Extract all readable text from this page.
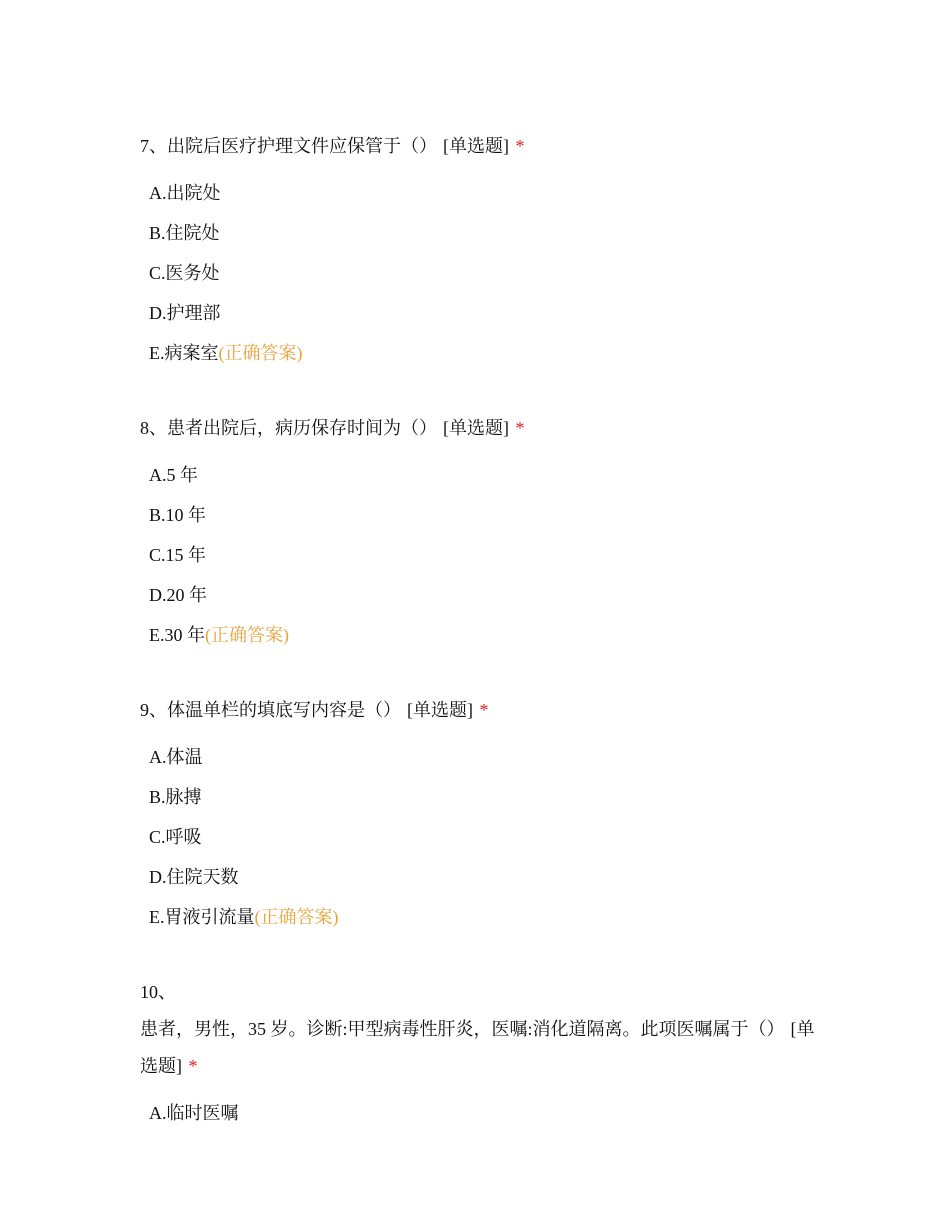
7、出院后医疗护理文件应保管于（） [单选题] *

A.出院处
B.住院处
C.医务处
D.护理部
E.病案室(正确答案)

8、患者出院后，病历保存时间为（） [单选题] *

A.5 年
B.10 年
C.15 年
D.20 年
E.30 年(正确答案)

9、体温单栏的填底写内容是（） [单选题] *

A.体温
B.脉搏
C.呼吸
D.住院天数
E.胃液引流量(正确答案)

10、患者，男性，35 岁。诊断:甲型病毒性肝炎，医嘱:消化道隔离。此项医嘱属于（） [单选题] *

A.临时医嘱
